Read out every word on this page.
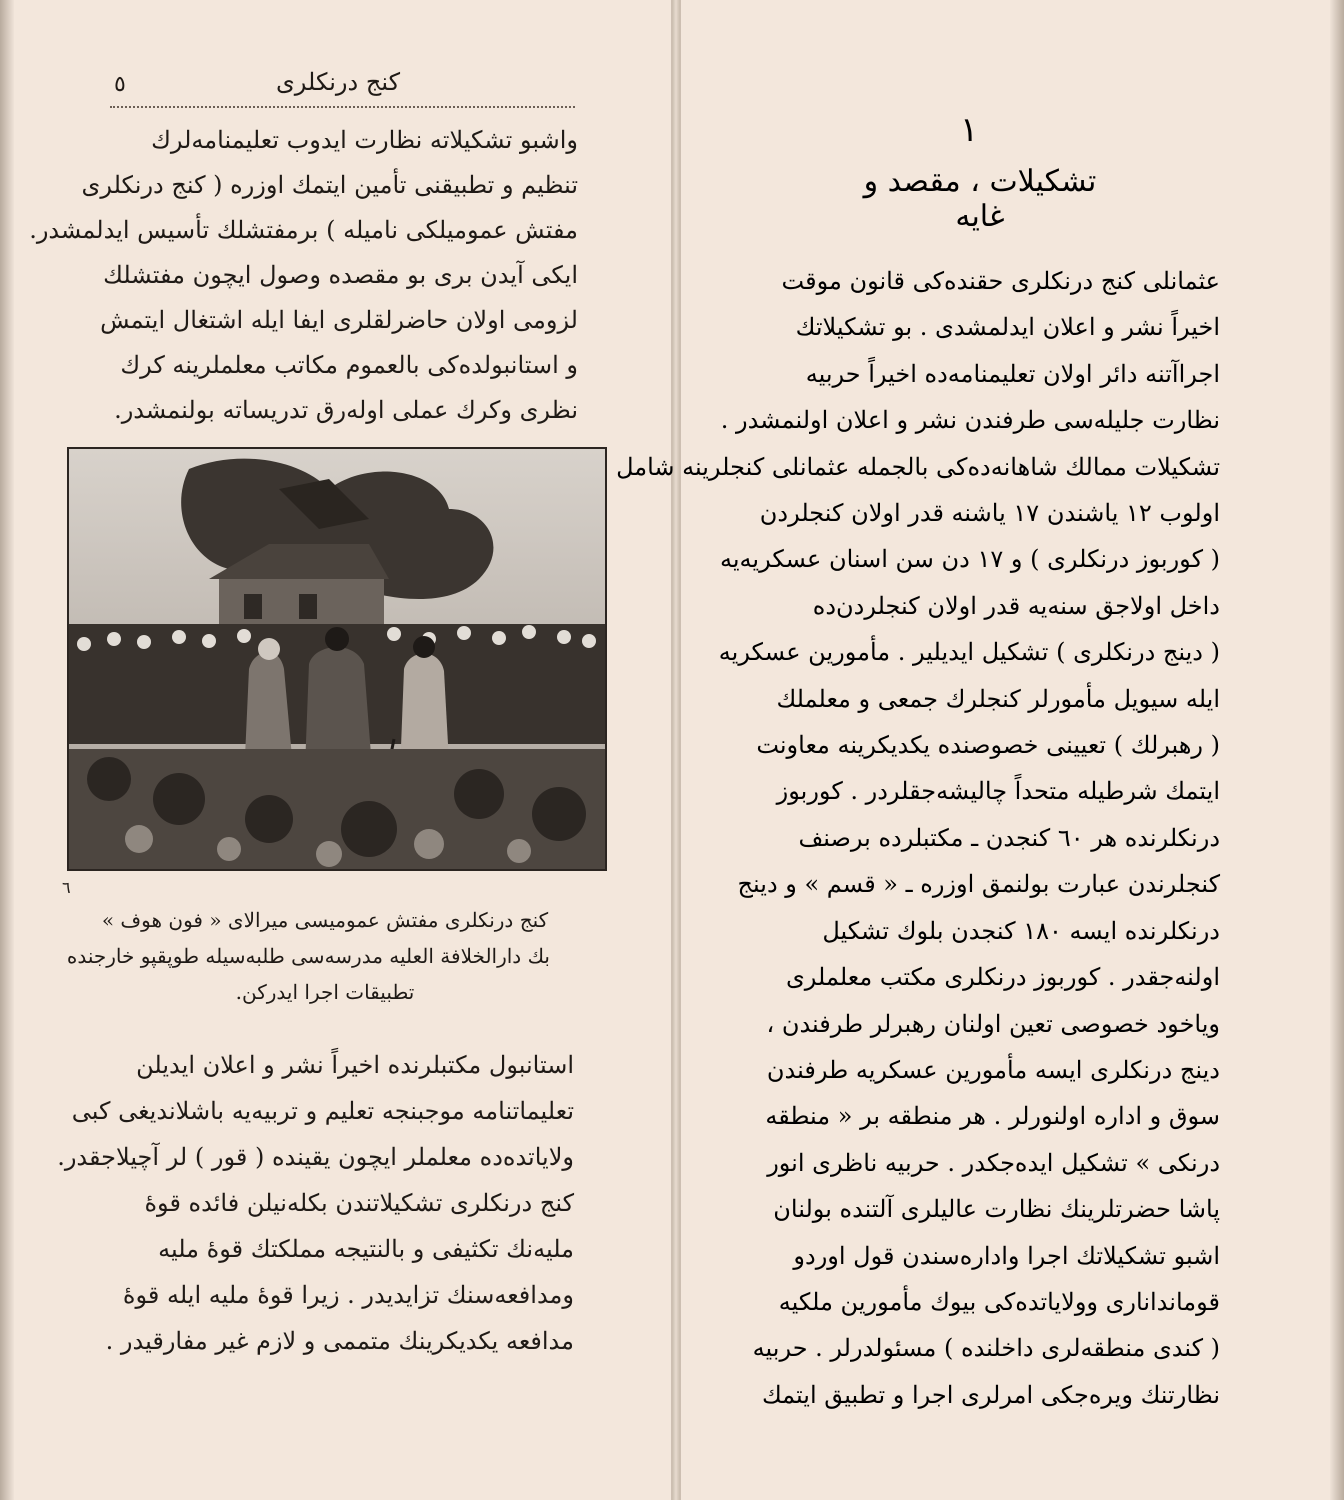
٥	كنج درنكلرى
واشبو تشكيلاته نظارت ايدوب تعليمنامه‌لرك
تنظيم و تطبيقنى تأمين ايتمك اوزره ( كنج درنكلرى
مفتش عموميلكى ناميله ) برمفتشلك تأسيس ايدلمشدر.
ايكى آيدن برى بو مقصده وصول ايچون مفتشلك
لزومى اولان حاضرلقلرى ايفا ايله اشتغال ايتمش
و استانبولده‌كى بالعموم مكاتب معلملرينه كرك
نظرى وكرك عملى اوله‌رق تدريساته بولنمشدر.
٦
كنج درنكلرى مفتش عموميسى ميرالاى « فون هوف »
بك دارالخلافة العليه مدرسه‌سى طلبه‌سيله طوپقپو خارجنده
تطبيقات اجرا ايدركن.
استانبول مكتبلرنده اخيراً نشر و اعلان ايديلن
تعليماتنامه موجبنجه تعليم و تربيه‌يه باشلانديغى كبى
ولاياتده‌ده معلملر ايچون يقينده ( قور ) لر آچيلاجقدر.
كنج درنكلرى تشكيلاتندن بكله‌نيلن فائده قوهٔ
مليه‌نك تكثيفى و بالنتيجه مملكتك قوهٔ مليه
ومدافعه‌سنك تزايديدر . زيرا قوهٔ مليه ايله قوهٔ
مدافعه يكديكرينك متممى و لازم غير مفارقيدر .
١
تشكيلات ، مقصد و غايه
عثمانلى كنج درنكلرى حقنده‌كى قانون موقت
اخيراً نشر و اعلان ايدلمشدى . بو تشكيلاتك
اجراآتنه دائر اولان تعليمنامه‌ده اخيراً حربيه
نظارت جليله‌سى طرفندن نشر و اعلان اولنمشدر .
تشكيلات ممالك شاهانه‌ده‌كى بالجمله عثمانلى كنجلرينه شامل
اولوب ١٢ ياشندن ١٧ ياشنه قدر اولان كنجلردن
( كوربوز درنكلرى ) و ١٧ دن سن اسنان عسكريه‌يه
داخل اولاجق سنه‌يه قدر اولان كنجلردن‌ده
( دينج درنكلرى ) تشكيل ايديلير . مأمورين عسكريه
ايله سيويل مأمورلر كنجلرك جمعى و معلملك
( رهبرلك ) تعيينى خصوصنده يكديكرينه معاونت
ايتمك شرطيله متحداً چاليشه‌جقلردر . كوربوز
درنكلرنده هر ٦٠ كنجدن ـ مكتبلرده برصنف
كنجلرندن عبارت بولنمق اوزره ـ « قسم » و دينج
درنكلرنده ايسه ١٨٠ كنجدن بلوك تشكيل
اولنه‌جقدر . كوربوز درنكلرى مكتب معلملرى
وياخود خصوصى تعين اولنان رهبرلر طرفندن ،
دينج درنكلرى ايسه مأمورين عسكريه طرفندن
سوق و اداره اولنورلر . هر منطقه بر « منطقه
درنكى » تشكيل ايده‌جكدر . حربيه ناظرى انور
پاشا حضرتلرينك نظارت عاليلرى آلتنده بولنان
اشبو تشكيلاتك اجرا واداره‌سندن قول اوردو
قومانداناری وولاياتده‌كى بيوك مأمورين ملكيه
( كندى منطقه‌لرى داخلنده ) مسئولدرلر . حربيه
نظارتنك ويره‌جكى امرلرى اجرا و تطبيق ايتمك
